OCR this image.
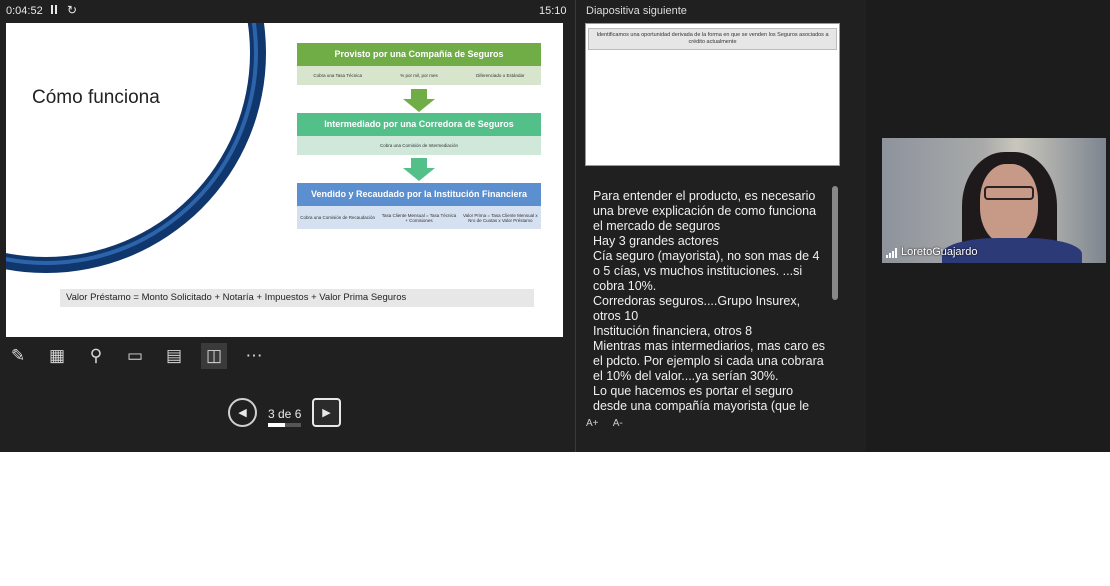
0:04:52 ↻	15:10
Cómo funciona
Provisto por una Compañía de Seguros
Cobra una Tasa Técnica	% por mil, por mes	Diferenciado o Estándar
Intermediado por una Corredora de Seguros
Cobra una Comisión de Intermediación
Vendido y Recaudado por la Institución Financiera
Cobra una Comisión de Recaudación	Tasa Cliente Mensual = Tasa Técnica + Comisiones
Valor Prima = Tasa Cliente Mensual x Nro de Cuotas x Valor Préstamo
Valor Préstamo = Monto Solicitado + Notaría + Impuestos + Valor Prima Seguros
✎	▦	⚲	▭ ▤ ◫ ⋯
◀	3 de 6	▶
Diapositiva siguiente
Identificamos una oportunidad derivada de la forma en que se venden los Seguros asociados a crédito actualmente
Para entender el producto, es necesario
una breve explicación de como funciona
el mercado de seguros
Hay 3 grandes actores
Cía seguro (mayorista), no son mas de 4
o 5 cías, vs muchos instituciones. ...si
cobra 10%.
Corredoras seguros....Grupo Insurex,
otros 10
Institución financiera, otros 8
Mientras mas intermediarios, mas caro es
el pdcto. Por ejemplo si cada una cobrara
el 10% del valor....ya serían 30%.
Lo que hacemos es portar el seguro
desde una compañía mayorista (que le
A+ A-
LoretoGuajardo
